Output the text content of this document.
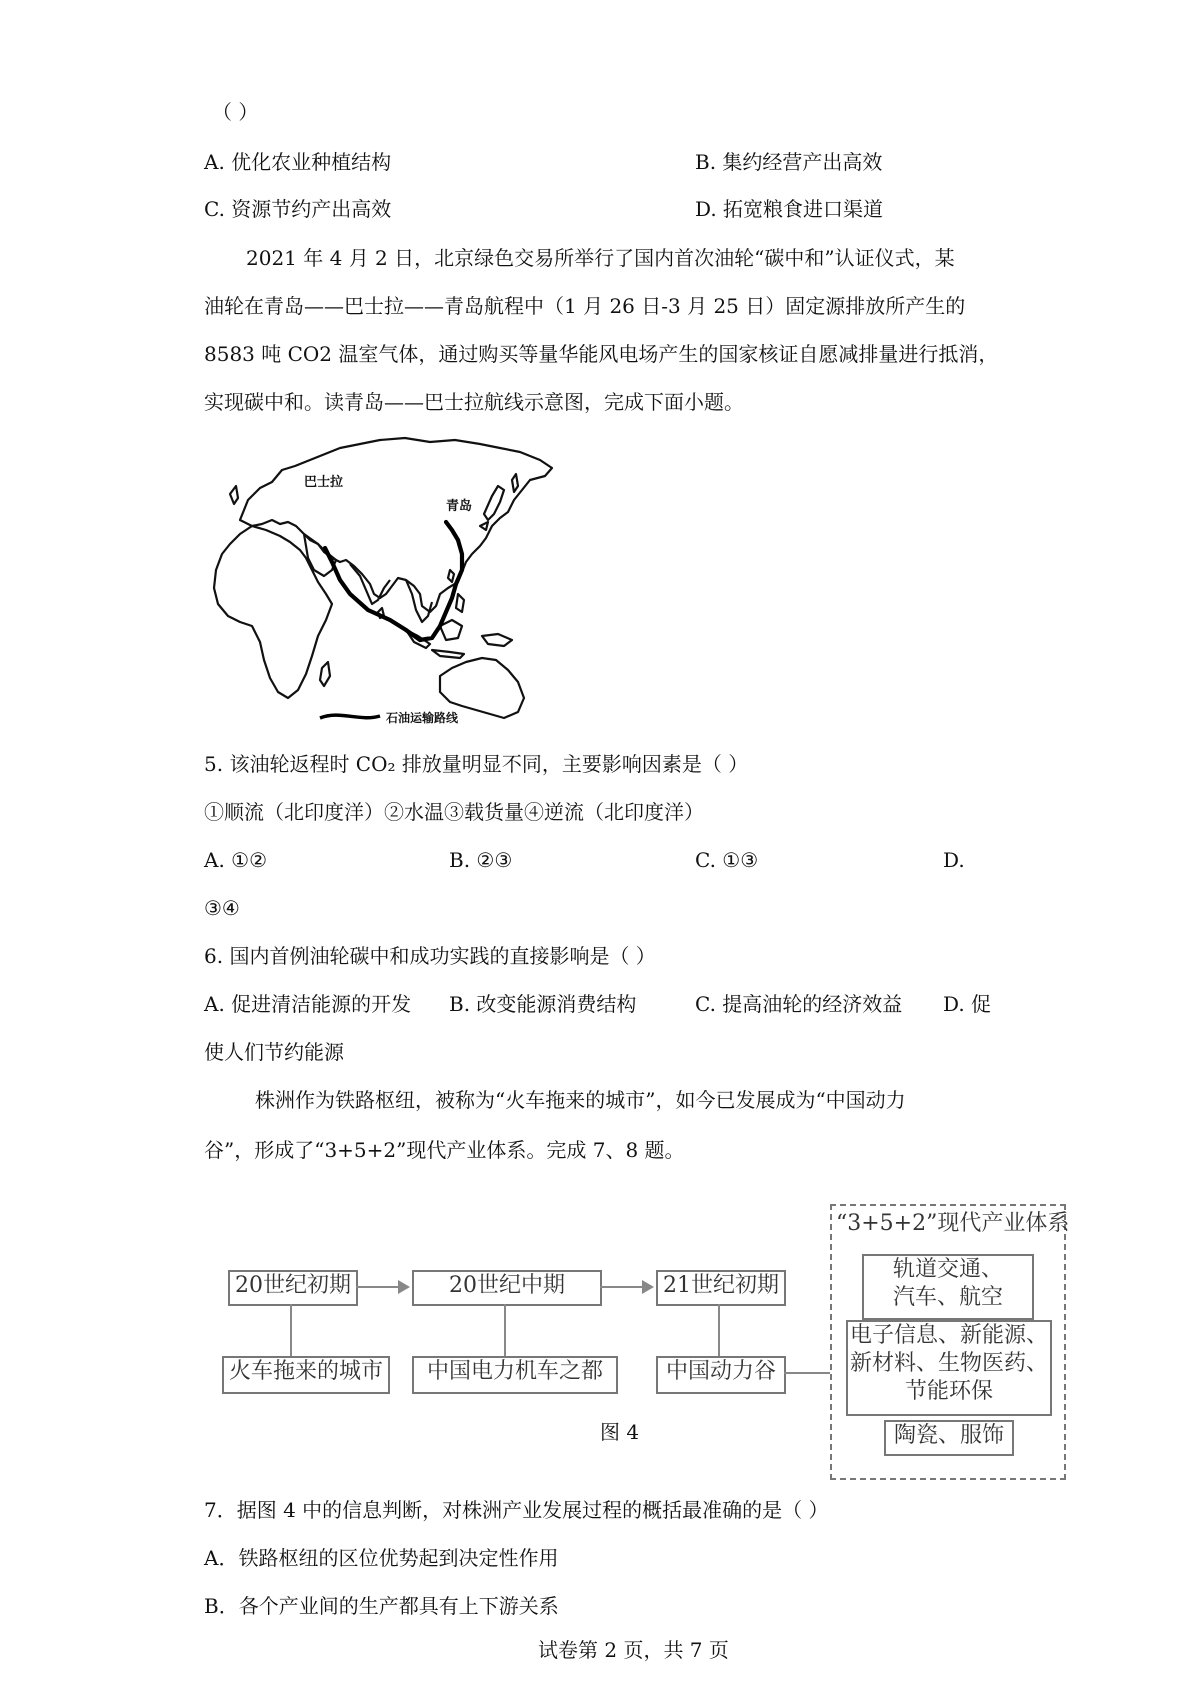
（ ）
A. 优化农业种植结构	B. 集约经营产出高效
C. 资源节约产出高效	D. 拓宽粮食进口渠道
2021 年 4 月 2 日，北京绿色交易所举行了国内首次油轮“碳中和”认证仪式，某
油轮在青岛——巴士拉——青岛航程中（1 月 26 日-3 月 25 日）固定源排放所产生的
8583 吨 CO2 温室气体，通过购买等量华能风电场产生的国家核证自愿减排量进行抵消，
实现碳中和。读青岛——巴士拉航线示意图，完成下面小题。
巴士拉
青岛
石油运输路线
5. 该油轮返程时 CO₂ 排放量明显不同，主要影响因素是（ ）
①顺流（北印度洋）②水温③载货量④逆流（北印度洋）
A. ①②	B. ②③	C. ①③	D.
③④
6. 国内首例油轮碳中和成功实践的直接影响是（ ）
A. 促进清洁能源的开发 B. 改变能源消费结构	C. 提高油轮的经济效益 D. 促
使人们节约能源
株洲作为铁路枢纽，被称为“火车拖来的城市”，如今已发展成为“中国动力
谷”，形成了“3+5+2”现代产业体系。完成 7、8 题。
20世纪初期	20世纪中期	21世纪初期
火车拖来的城市	中国电力机车之都	中国动力谷
“3+5+2”现代产业体系
轨道交通、
汽车、航空
电子信息、新能源、
新材料、生物医药、
节能环保
陶瓷、服饰
图 4
7．据图 4 中的信息判断，对株洲产业发展过程的概括最准确的是（ ）
A．铁路枢纽的区位优势起到决定性作用
B．各个产业间的生产都具有上下游关系
试卷第 2 页，共 7 页
